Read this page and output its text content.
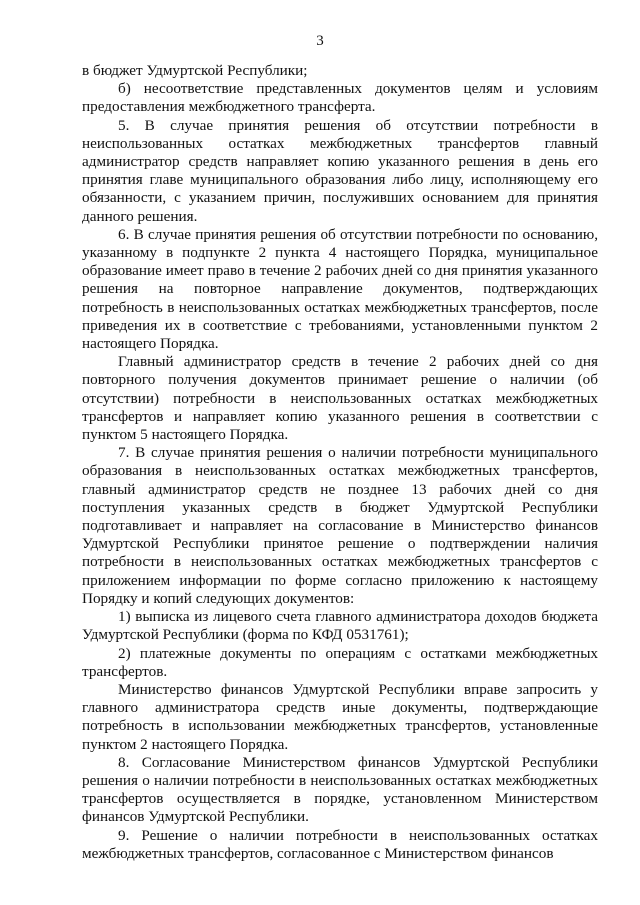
3

в бюджет Удмуртской Республики;

б) несоответствие представленных документов целям и условиям предоставления межбюджетного трансферта.

5. В случае принятия решения об отсутствии потребности в неиспользованных остатках межбюджетных трансфертов главный администратор средств направляет копию указанного решения в день его принятия главе муниципального образования либо лицу, исполняющему его обязанности, с указанием причин, послуживших основанием для принятия данного решения.

6. В случае принятия решения об отсутствии потребности по основанию, указанному в подпункте 2 пункта 4 настоящего Порядка, муниципальное образование имеет право в течение 2 рабочих дней со дня принятия указанного решения на повторное направление документов, подтверждающих потребность в неиспользованных остатках межбюджетных трансфертов, после приведения их в соответствие с требованиями, установленными пунктом 2 настоящего Порядка.

Главный администратор средств в течение 2 рабочих дней со дня повторного получения документов принимает решение о наличии (об отсутствии) потребности в неиспользованных остатках межбюджетных трансфертов и направляет копию указанного решения в соответствии с пунктом 5 настоящего Порядка.

7. В случае принятия решения о наличии потребности муниципального образования в неиспользованных остатках межбюджетных трансфертов, главный администратор средств не позднее 13 рабочих дней со дня поступления указанных средств в бюджет Удмуртской Республики подготавливает и направляет на согласование в Министерство финансов Удмуртской Республики принятое решение о подтверждении наличия потребности в неиспользованных остатках межбюджетных трансфертов с приложением информации по форме согласно приложению к настоящему Порядку и копий следующих документов:

1) выписка из лицевого счета главного администратора доходов бюджета Удмуртской Республики (форма по КФД 0531761);

2) платежные документы по операциям с остатками межбюджетных трансфертов.

Министерство финансов Удмуртской Республики вправе запросить у главного администратора средств иные документы, подтверждающие потребность в использовании межбюджетных трансфертов, установленные пунктом 2 настоящего Порядка.

8. Согласование Министерством финансов Удмуртской Республики решения о наличии потребности в неиспользованных остатках межбюджетных трансфертов осуществляется в порядке, установленном Министерством финансов Удмуртской Республики.

9. Решение о наличии потребности в неиспользованных остатках межбюджетных трансфертов, согласованное с Министерством финансов
